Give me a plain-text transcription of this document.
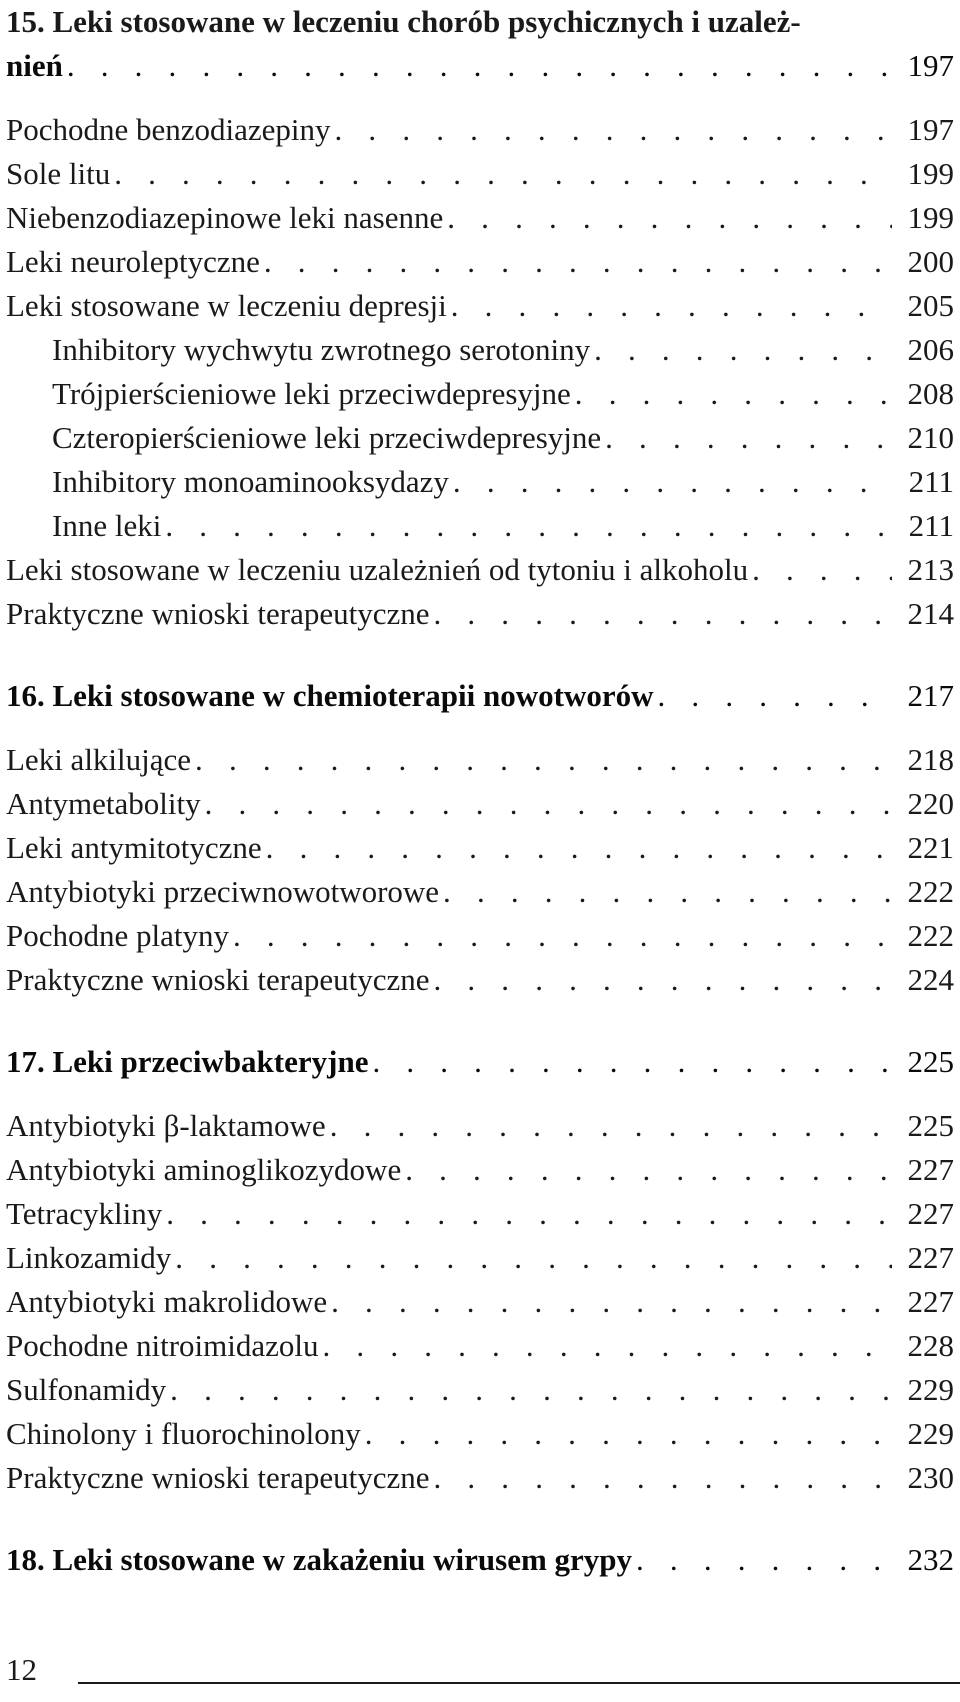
15. Leki stosowane w leczeniu chorób psychicznych i uzależ-
nień . . .	197
Pochodne benzodiazepiny . . .	197
Sole litu . . .	199
Niebenzodiazepinowe leki nasenne . . .	199
Leki neuroleptyczne . . .	200
Leki stosowane w leczeniu depresji . . .	205
Inhibitory wychwytu zwrotnego serotoniny . . .	206
Trójpierścieniowe leki przeciwdepresyjne . . .	208
Czteropierścieniowe leki przeciwdepresyjne . . .	210
Inhibitory monoaminooksydazy . . .	211
Inne leki . . .	211
Leki stosowane w leczeniu uzależnień od tytoniu i alkoholu . . .	213
Praktyczne wnioski terapeutyczne . . .	214
16. Leki stosowane w chemioterapii nowotworów . . .	217
Leki alkilujące . . .	218
Antymetabolity . . .	220
Leki antymitotyczne . . .	221
Antybiotyki przeciwnowotworowe . . .	222
Pochodne platyny . . .	222
Praktyczne wnioski terapeutyczne . . .	224
17. Leki przeciwbakteryjne . . .	225
Antybiotyki β-laktamowe . . .	225
Antybiotyki aminoglikozydowe . . .	227
Tetracykliny . . .	227
Linkozamidy . . .	227
Antybiotyki makrolidowe . . .	227
Pochodne nitroimidazolu . . .	228
Sulfonamidy . . .	229
Chinolony i fluorochinolony . . .	229
Praktyczne wnioski terapeutyczne . . .	230
18. Leki stosowane w zakażeniu wirusem grypy . . .	232
12
